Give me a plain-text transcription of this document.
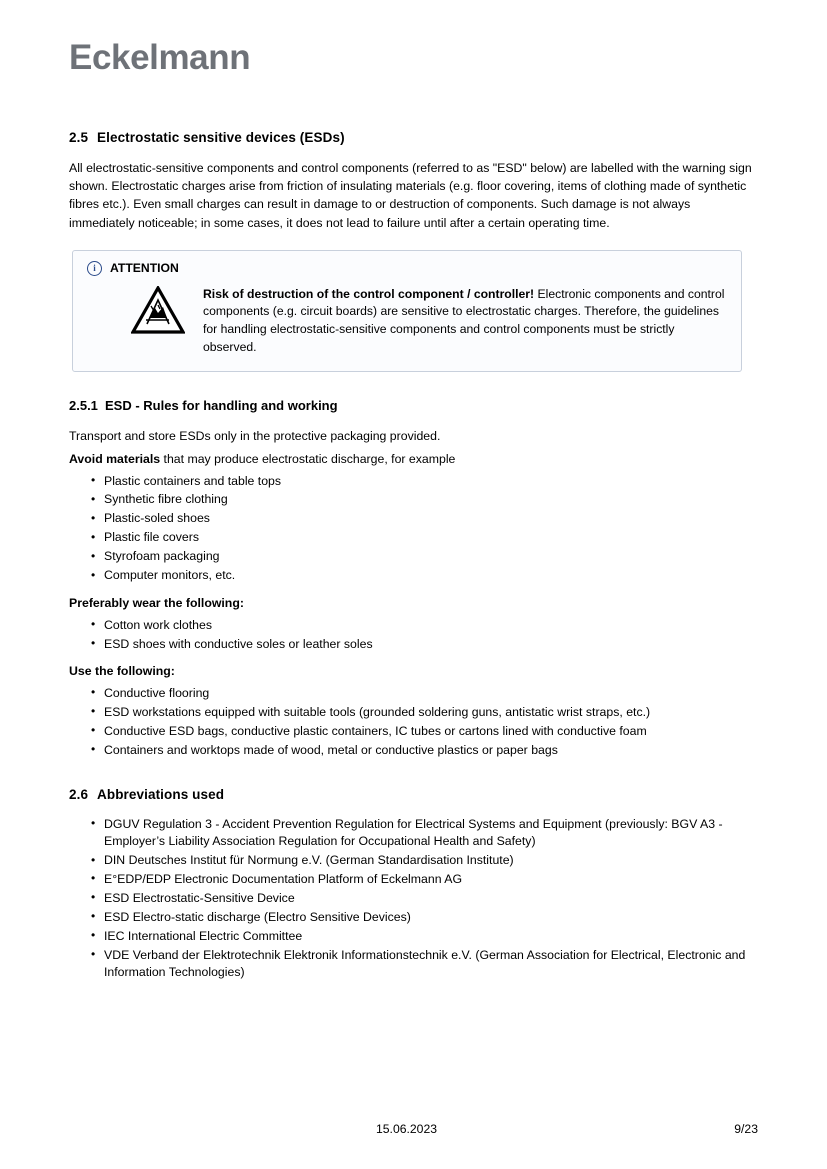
Eckelmann
2.5 Electrostatic sensitive devices (ESDs)

All electrostatic-sensitive components and control components (referred to as "ESD" below) are labelled with the warning sign shown. Electrostatic charges arise from friction of insulating materials (e.g. floor covering, items of clothing made of synthetic fibres etc.). Even small charges can result in damage to or destruction of components. Such damage is not always immediately noticeable; in some cases, it does not lead to failure until after a certain operating time.

i	ATTENTION
Risk of destruction of the control component / controller! Electronic components and control components (e.g. circuit boards) are sensitive to electrostatic charges. Therefore, the guidelines for handling electrostatic-sensitive components and control components must be strictly observed.
2.5.1 ESD - Rules for handling and working

Transport and store ESDs only in the protective packaging provided.

Avoid materials that may produce electrostatic discharge, for example

• Plastic containers and table tops
• Synthetic fibre clothing
• Plastic-soled shoes
• Plastic file covers
• Styrofoam packaging
• Computer monitors, etc.

Preferably wear the following:

• Cotton work clothes
• ESD shoes with conductive soles or leather soles

Use the following:

• Conductive flooring
• ESD workstations equipped with suitable tools (grounded soldering guns, antistatic wrist straps, etc.)
• Conductive ESD bags, conductive plastic containers, IC tubes or cartons lined with conductive foam
• Containers and worktops made of wood, metal or conductive plastics or paper bags
2.6 Abbreviations used
• DGUV Regulation 3 - Accident Prevention Regulation for Electrical Systems and Equipment (previously: BGV A3 - Employer’s Liability Association Regulation for Occupational Health and Safety)
• DIN Deutsches Institut für Normung e.V. (German Standardisation Institute)
• E°EDP/EDP Electronic Documentation Platform of Eckelmann AG
• ESD Electrostatic-Sensitive Device
• ESD Electro-static discharge (Electro Sensitive Devices)
• IEC International Electric Committee
• VDE Verband der Elektrotechnik Elektronik Informationstechnik e.V. (German Association for Electrical, Electronic and Information Technologies)
15.06.2023	9/23
